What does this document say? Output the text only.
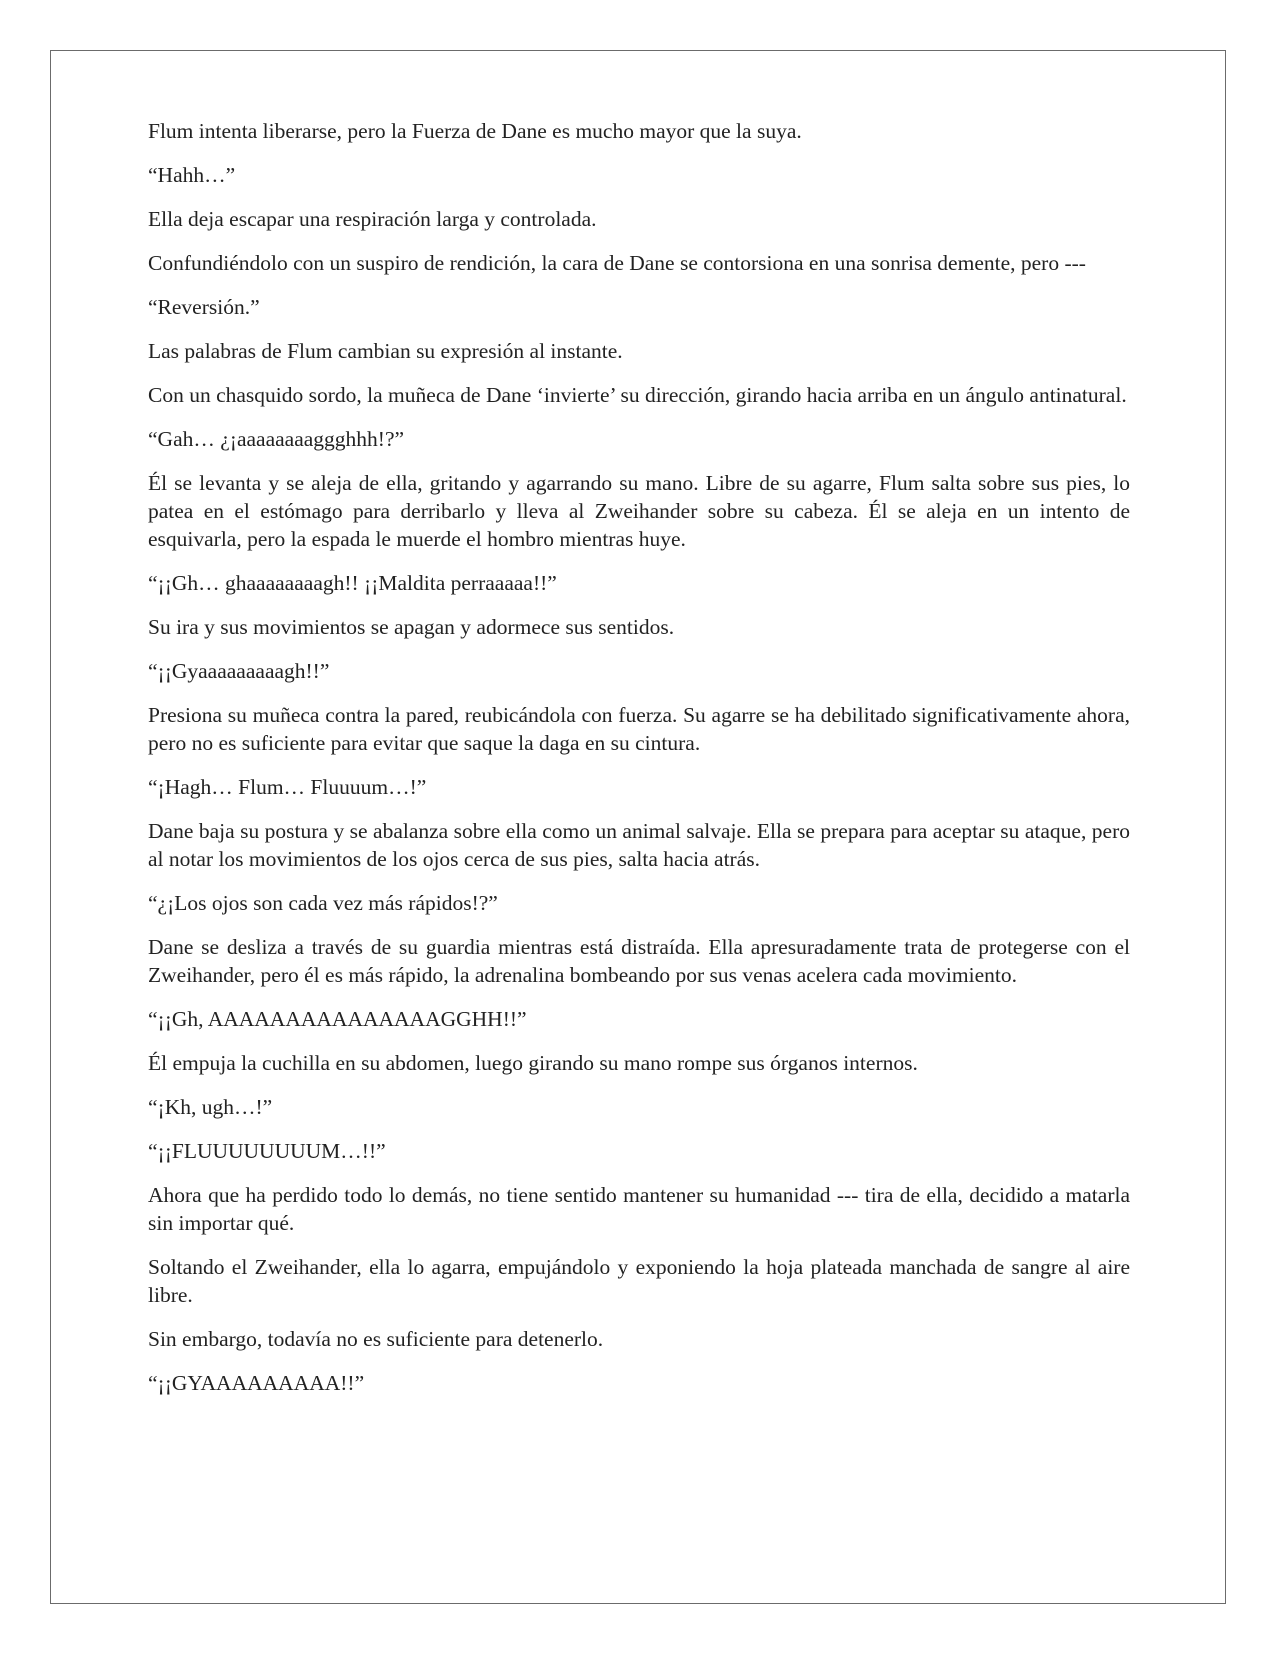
Flum intenta liberarse, pero la Fuerza de Dane es mucho mayor que la suya.

“Hahh…”

Ella deja escapar una respiración larga y controlada.

Confundiéndolo con un suspiro de rendición, la cara de Dane se contorsiona en una sonrisa demente, pero ---

“Reversión.”

Las palabras de Flum cambian su expresión al instante.

Con un chasquido sordo, la muñeca de Dane ‘invierte’ su dirección, girando hacia arriba en un ángulo antinatural.

“Gah… ¿¡aaaaaaaaggghhh!?”

Él se levanta y se aleja de ella, gritando y agarrando su mano. Libre de su agarre, Flum salta sobre sus pies, lo patea en el estómago para derribarlo y lleva al Zweihander sobre su cabeza. Él se aleja en un intento de esquivarla, pero la espada le muerde el hombro mientras huye.

“¡¡Gh… ghaaaaaaaagh!! ¡¡Maldita perraaaaa!!”

Su ira y sus movimientos se apagan y adormece sus sentidos.

“¡¡Gyaaaaaaaaagh!!”

Presiona su muñeca contra la pared, reubicándola con fuerza. Su agarre se ha debilitado significativamente ahora, pero no es suficiente para evitar que saque la daga en su cintura.

“¡Hagh… Flum… Fluuuum…!”

Dane baja su postura y se abalanza sobre ella como un animal salvaje. Ella se prepara para aceptar su ataque, pero al notar los movimientos de los ojos cerca de sus pies, salta hacia atrás.

“¿¡Los ojos son cada vez más rápidos!?”

Dane se desliza a través de su guardia mientras está distraída. Ella apresuradamente trata de protegerse con el Zweihander, pero él es más rápido, la adrenalina bombeando por sus venas acelera cada movimiento.

“¡¡Gh, AAAAAAAAAAAAAAAGGHH!!”

Él empuja la cuchilla en su abdomen, luego girando su mano rompe sus órganos internos.

“¡Kh, ugh…!”

“¡¡FLUUUUUUUUM…!!”

Ahora que ha perdido todo lo demás, no tiene sentido mantener su humanidad --- tira de ella, decidido a matarla sin importar qué.

Soltando el Zweihander, ella lo agarra, empujándolo y exponiendo la hoja plateada manchada de sangre al aire libre.

Sin embargo, todavía no es suficiente para detenerlo.

“¡¡GYAAAAAAAAA!!”
